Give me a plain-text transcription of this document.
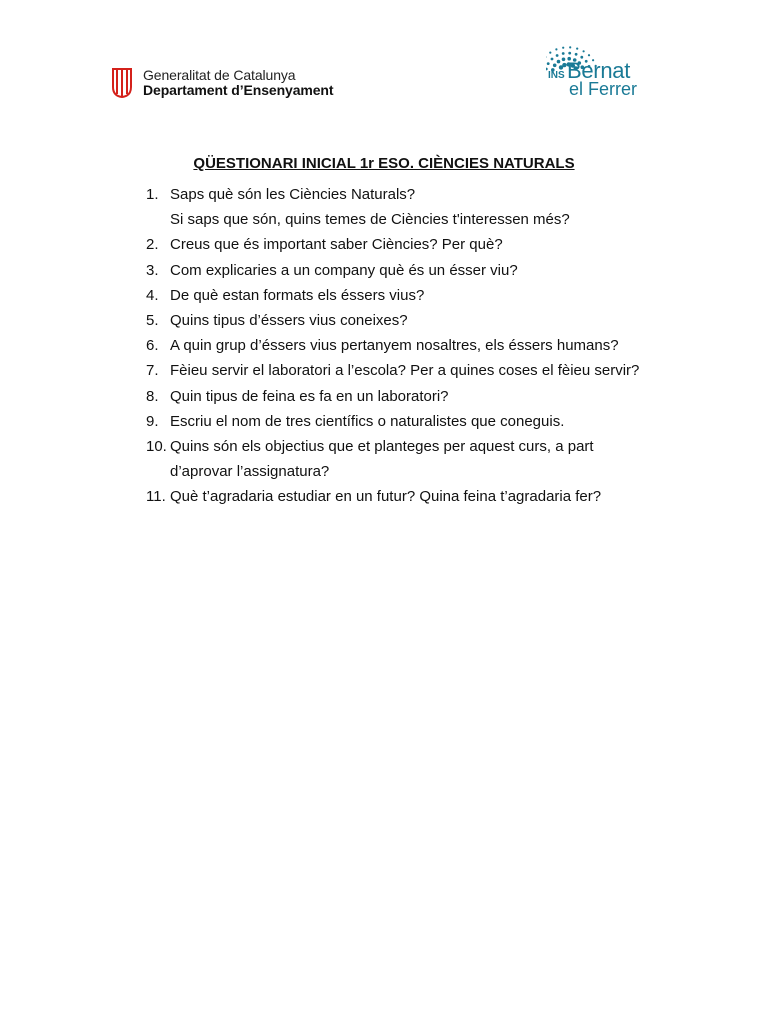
Generalitat de Catalunya
Departament d’Ensenyament
INS Bernat
el Ferrer
QÜESTIONARI INICIAL 1r ESO. CIÈNCIES NATURALS
1. Saps què són les Ciències Naturals?
Si saps que són, quins temes de Ciències t'interessen més?
2. Creus que és important saber Ciències? Per què?
3. Com explicaries a un company què és un ésser viu?
4. De què estan formats els éssers vius?
5. Quins tipus d’éssers vius coneixes?
6. A quin grup d’éssers vius pertanyem nosaltres, els éssers humans?
7. Fèieu servir el laboratori a l’escola? Per a quines coses el fèieu servir?
8. Quin tipus de feina es fa en un laboratori?
9. Escriu el nom de tres científics o naturalistes que coneguis.
10. Quins són els objectius que et planteges per aquest curs, a part
d’aprovar l’assignatura?
11. Què t’agradaria estudiar en un futur? Quina feina t’agradaria fer?
